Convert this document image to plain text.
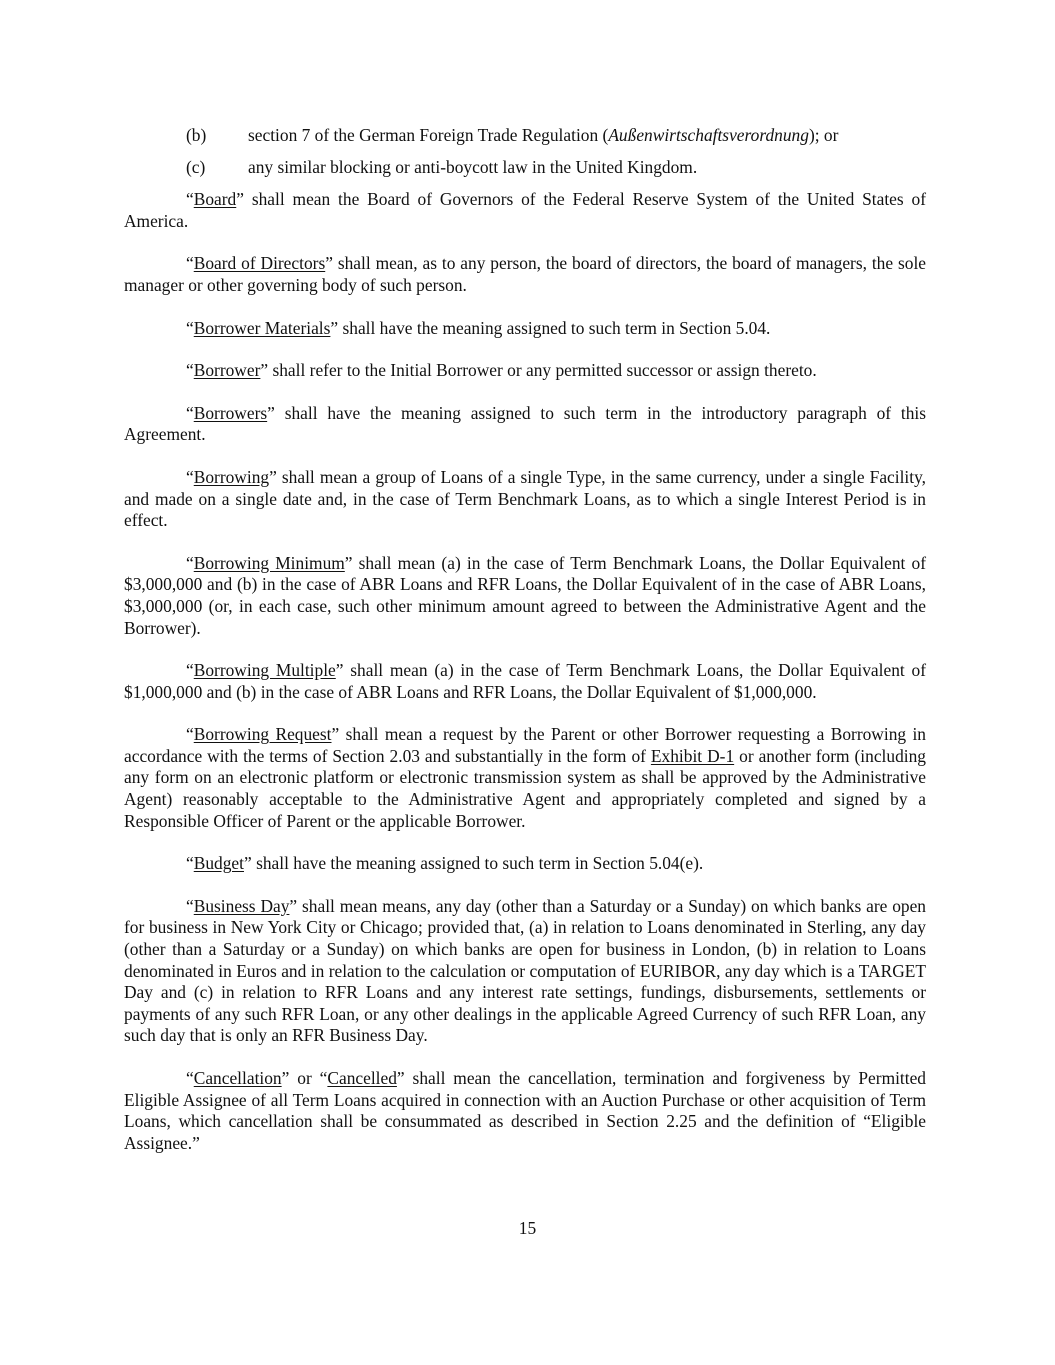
(b) section 7 of the German Foreign Trade Regulation (Außenwirtschaftsverordnung); or
(c) any similar blocking or anti-boycott law in the United Kingdom.

“Board” shall mean the Board of Governors of the Federal Reserve System of the United States of America.

“Board of Directors” shall mean, as to any person, the board of directors, the board of managers, the sole manager or other governing body of such person.

“Borrower Materials” shall have the meaning assigned to such term in Section 5.04.

“Borrower” shall refer to the Initial Borrower or any permitted successor or assign thereto.

“Borrowers” shall have the meaning assigned to such term in the introductory paragraph of this Agreement.

“Borrowing” shall mean a group of Loans of a single Type, in the same currency, under a single Facility, and made on a single date and, in the case of Term Benchmark Loans, as to which a single Interest Period is in effect.

“Borrowing Minimum” shall mean (a) in the case of Term Benchmark Loans, the Dollar Equivalent of $3,000,000 and (b) in the case of ABR Loans and RFR Loans, the Dollar Equivalent of in the case of ABR Loans, $3,000,000 (or, in each case, such other minimum amount agreed to between the Administrative Agent and the Borrower).

“Borrowing Multiple” shall mean (a) in the case of Term Benchmark Loans, the Dollar Equivalent of $1,000,000 and (b) in the case of ABR Loans and RFR Loans, the Dollar Equivalent of $1,000,000.

“Borrowing Request” shall mean a request by the Parent or other Borrower requesting a Borrowing in accordance with the terms of Section 2.03 and substantially in the form of Exhibit D-1 or another form (including any form on an electronic platform or electronic transmission system as shall be approved by the Administrative Agent) reasonably acceptable to the Administrative Agent and appropriately completed and signed by a Responsible Officer of Parent or the applicable Borrower.

“Budget” shall have the meaning assigned to such term in Section 5.04(e).

“Business Day” shall mean means, any day (other than a Saturday or a Sunday) on which banks are open for business in New York City or Chicago; provided that, (a) in relation to Loans denominated in Sterling, any day (other than a Saturday or a Sunday) on which banks are open for business in London, (b) in relation to Loans denominated in Euros and in relation to the calculation or computation of EURIBOR, any day which is a TARGET Day and (c) in relation to RFR Loans and any interest rate settings, fundings, disbursements, settlements or payments of any such RFR Loan, or any other dealings in the applicable Agreed Currency of such RFR Loan, any such day that is only an RFR Business Day.

“Cancellation” or “Cancelled” shall mean the cancellation, termination and forgiveness by Permitted Eligible Assignee of all Term Loans acquired in connection with an Auction Purchase or other acquisition of Term Loans, which cancellation shall be consummated as described in Section 2.25 and the definition of “Eligible Assignee.”

15
